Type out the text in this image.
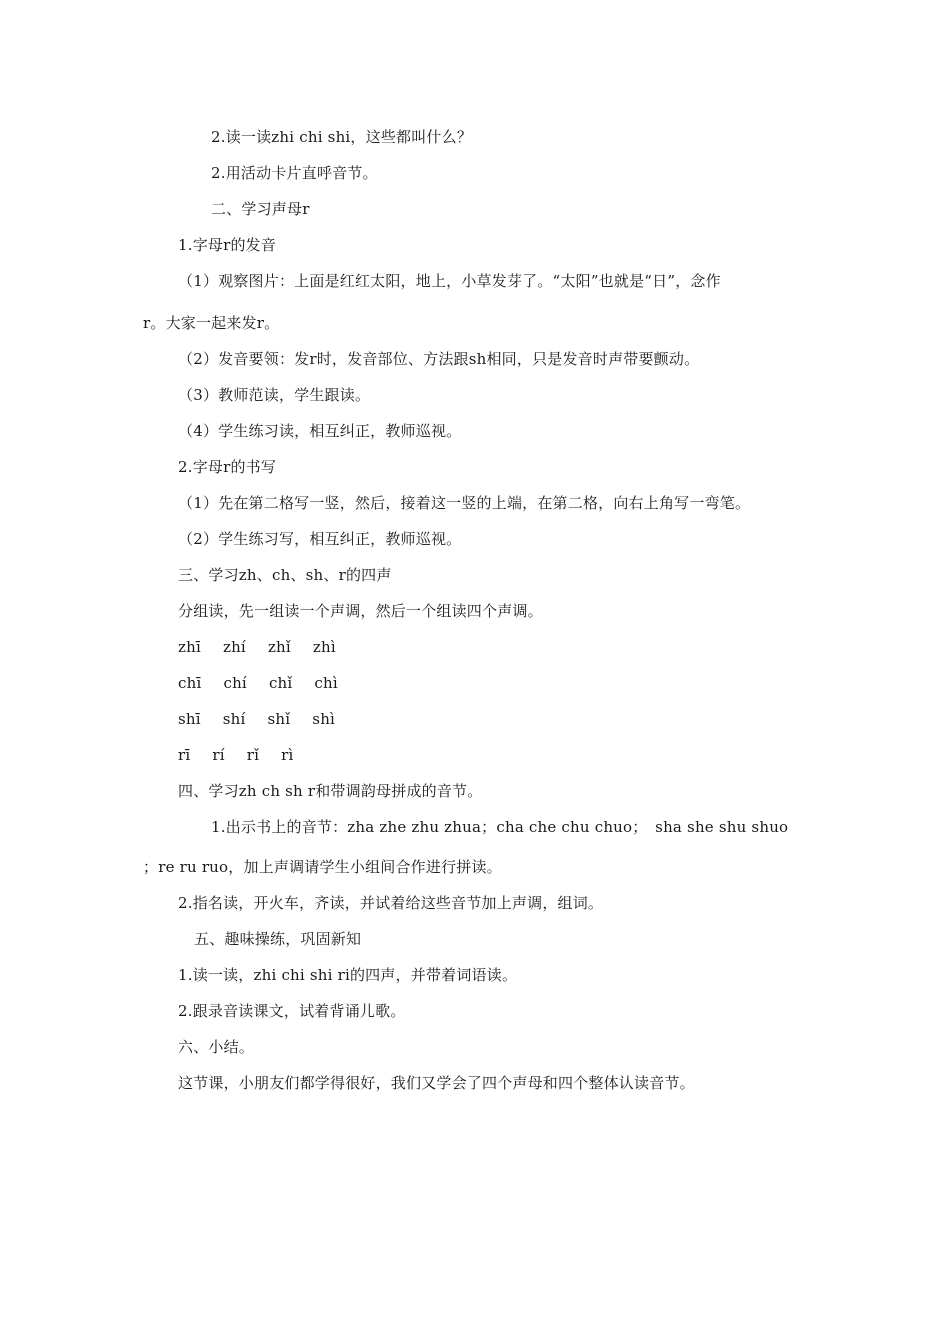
2.读一读zhi chi shi，这些都叫什么？
2.用活动卡片直呼音节。
二、学习声母r
1.字母r的发音
（1）观察图片：上面是红红太阳，地上，小草发芽了。“太阳”也就是“日”，念作
r。大家一起来发r。
（2）发音要领：发r时，发音部位、方法跟sh相同，只是发音时声带要颤动。
（3）教师范读，学生跟读。
（4）学生练习读，相互纠正，教师巡视。
2.字母r的书写
（1）先在第二格写一竖，然后，接着这一竖的上端，在第二格，向右上角写一弯笔。
（2）学生练习写，相互纠正，教师巡视。
三、学习zh、ch、sh、r的四声
分组读，先一组读一个声调，然后一个组读四个声调。
zhī zhí zhǐ zhì
chī chí chǐ chì
shī shí shǐ shì
rī rí rǐ rì
四、学习zh ch sh r和带调韵母拼成的音节。
1.出示书上的音节：zha zhe zhu zhua；cha che chu chuo；　sha she shu shuo
；re ru ruo，加上声调请学生小组间合作进行拼读。
2.指名读，开火车，齐读，并试着给这些音节加上声调，组词。
五、趣味操练，巩固新知
1.读一读，zhi chi shi ri的四声，并带着词语读。
2.跟录音读课文，试着背诵儿歌。
六、小结。
这节课，小朋友们都学得很好，我们又学会了四个声母和四个整体认读音节。
